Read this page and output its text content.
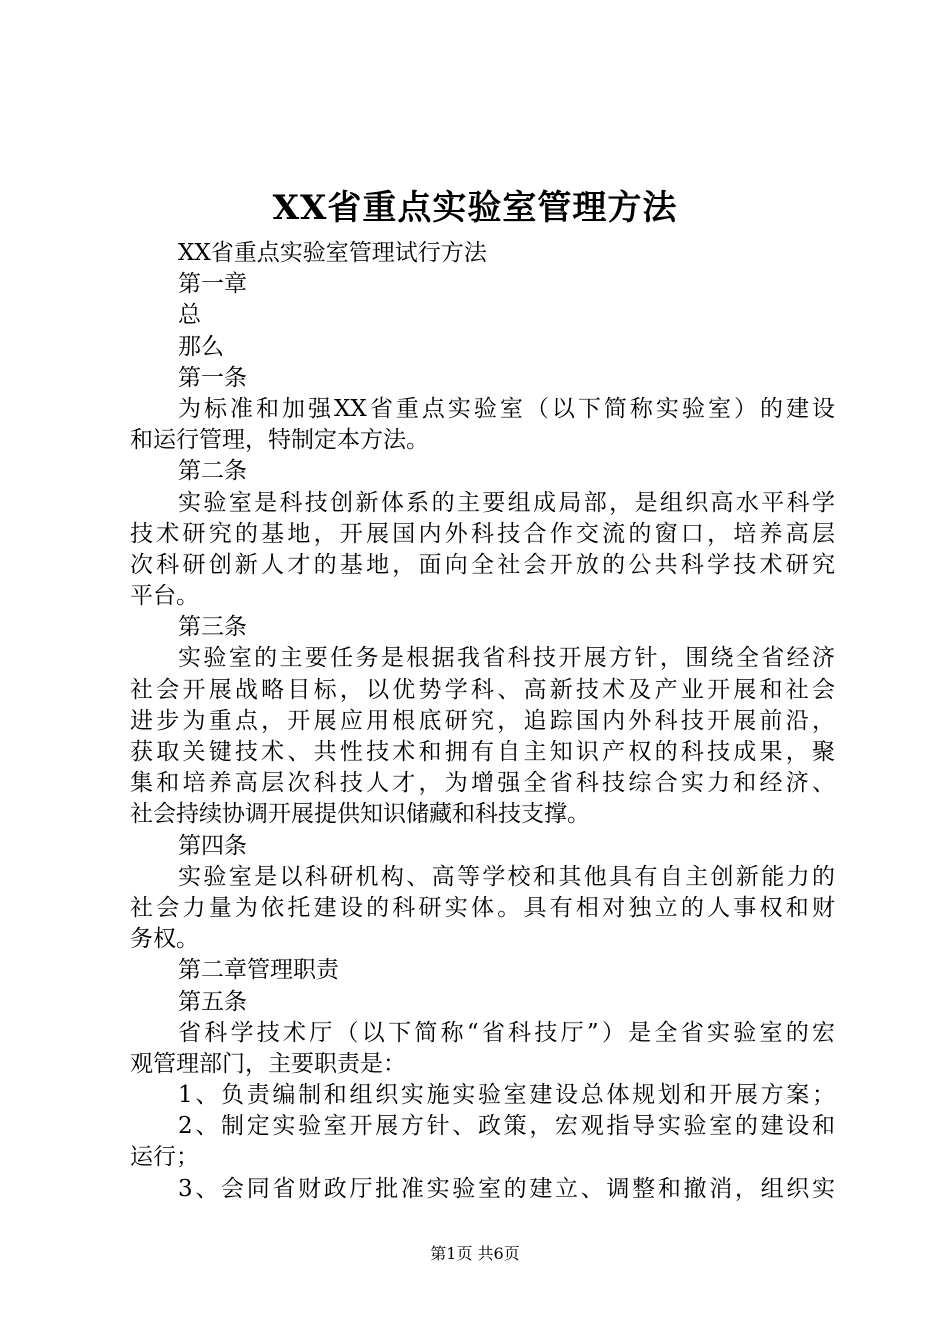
XX省重点实验室管理方法
XX省重点实验室管理试行方法
第一章
总
那么
第一条
为标准和加强XX省重点实验室（以下简称实验室）的建设
和运行管理，特制定本方法。
第二条
实验室是科技创新体系的主要组成局部，是组织高水平科学
技术研究的基地，开展国内外科技合作交流的窗口，培养高层
次科研创新人才的基地，面向全社会开放的公共科学技术研究
平台。
第三条
实验室的主要任务是根据我省科技开展方针，围绕全省经济
社会开展战略目标，以优势学科、高新技术及产业开展和社会
进步为重点，开展应用根底研究，追踪国内外科技开展前沿，
获取关键技术、共性技术和拥有自主知识产权的科技成果，聚
集和培养高层次科技人才，为增强全省科技综合实力和经济、
社会持续协调开展提供知识储藏和科技支撑。
第四条
实验室是以科研机构、高等学校和其他具有自主创新能力的
社会力量为依托建设的科研实体。具有相对独立的人事权和财
务权。
第二章管理职责
第五条
省科学技术厅（以下简称“省科技厅”）是全省实验室的宏
观管理部门，主要职责是：
1、负责编制和组织实施实验室建设总体规划和开展方案；
2、制定实验室开展方针、政策，宏观指导实验室的建设和
运行；
3、会同省财政厅批准实验室的建立、调整和撤消，组织实
第1页 共6页
